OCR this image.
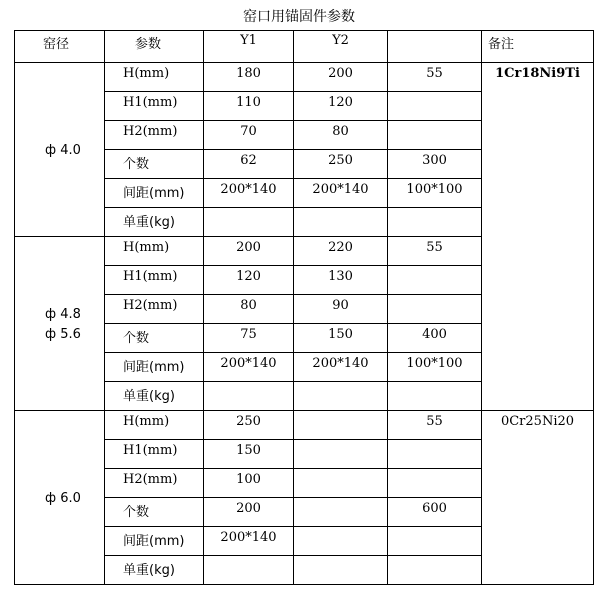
窑口用锚固件参数
窑径	参数	Y1	Y2		备注

ф 4.0	H(mm)	180	200	55	1Cr18Ni9Ti
	H1(mm)	110	120		
	H2(mm)	70	80		
	个数	62	250	300	
	间距(mm)	200*140	200*140	100*100	
	单重(kg)				

ф 4.8
ф 5.6	H(mm)	200	220	55	
	H1(mm)	120	130		
	H2(mm)	80	90		
	个数	75	150	400	
	间距(mm)	200*140	200*140	100*100	
	单重(kg)				

ф 6.0	H(mm)	250		55	0Cr25Ni20
	H1(mm)	150			
	H2(mm)	100			
	个数	200		600	
	间距(mm)	200*140			
	单重(kg)				
